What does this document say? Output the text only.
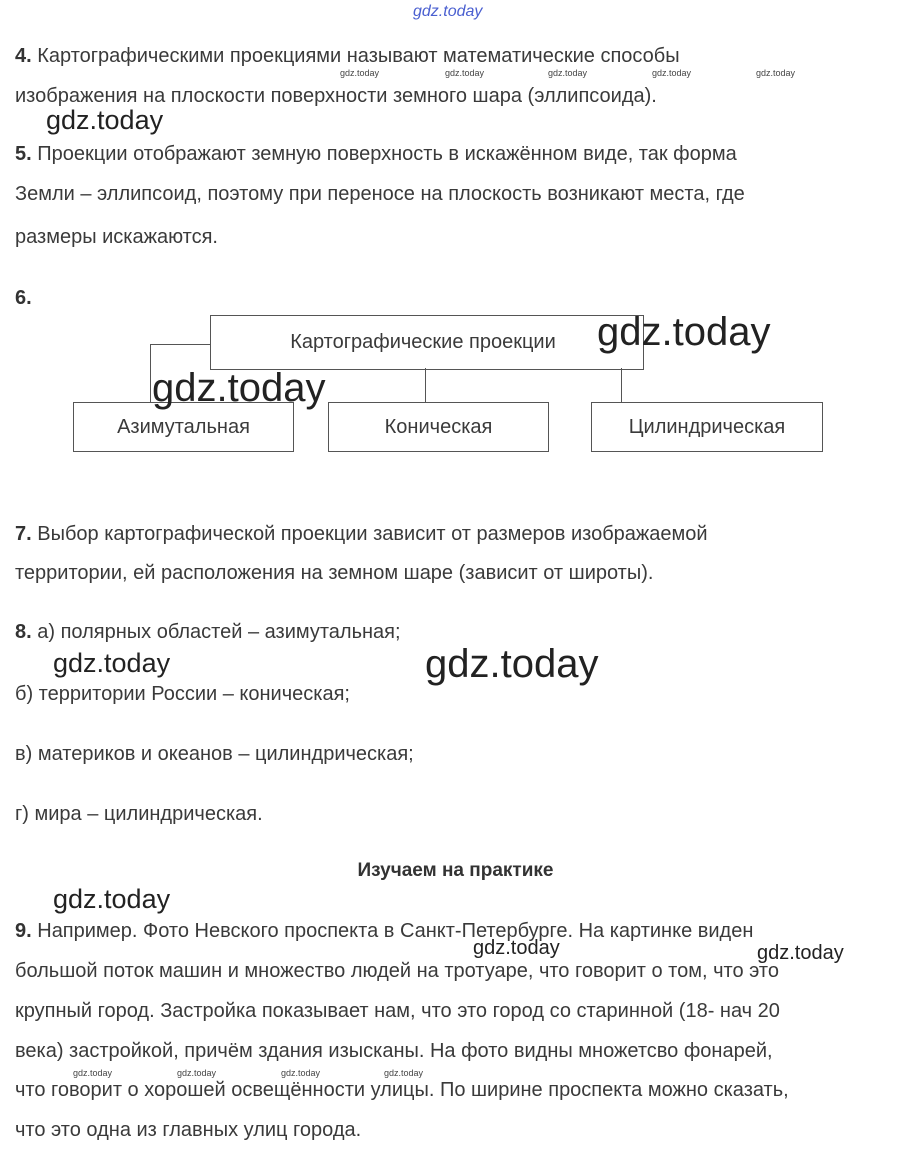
gdz.today
4. Картографическими проекциями называют математические способы
изображения на плоскости поверхности земного шара (эллипсоида).
gdz.today	gdz.today	gdz.today	gdz.today	gdz.today
gdz.today
5. Проекции отображают земную поверхность в искажённом виде, так форма
Земли – эллипсоид, поэтому при переносе на плоскость возникают места, где
размеры искажаются.
6.
Картографические проекции
Азимутальная	Коническая	Цилиндрическая
gdz.today
gdz.today
7. Выбор картографической проекции зависит от размеров изображаемой
территории, ей расположения на земном шаре (зависит от широты).
8. а) полярных областей – азимутальная;
gdz.today	gdz.today
б) территории России – коническая;
в) материков и океанов – цилиндрическая;
г) мира – цилиндрическая.
Изучаем на практике
gdz.today
9. Например. Фото Невского проспекта в Санкт-Петербурге. На картинке виден
gdz.today	gdz.today
большой поток машин и множество людей на тротуаре, что говорит о том, что это
крупный город. Застройка показывает нам, что это город со старинной (18- нач 20
века) застройкой, причём здания изысканы. На фото видны множетсво фонарей,
gdz.today	gdz.today	gdz.today	gdz.today
что говорит о хорошей освещённости улицы. По ширине проспекта можно сказать,
что это одна из главных улиц города.
